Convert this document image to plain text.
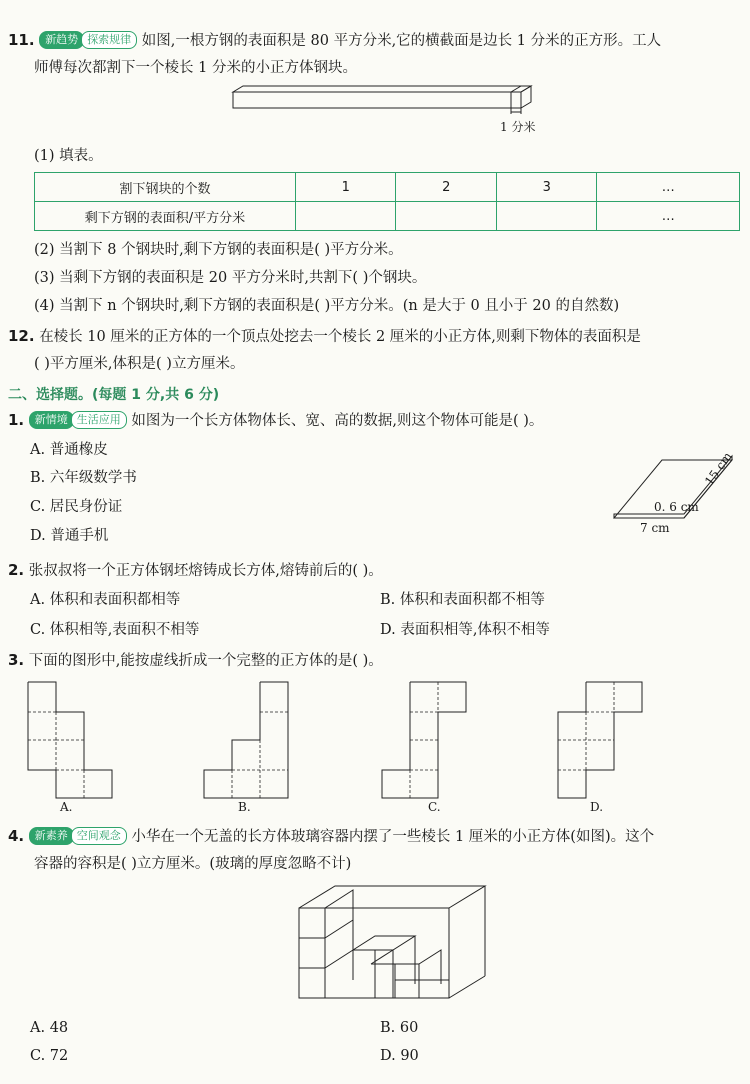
11. 新趋势 探索规律 如图,一根方钢的表面积是 80 平方分米,它的横截面是边长 1 分米的正方形。工人
师傅每次都割下一个棱长 1 分米的小正方体钢块。
1 分米
(1) 填表。
割下钢块的个数	1	2	3	…
剩下方钢的表面积/平方分米				…
(2) 当割下 8 个钢块时,剩下方钢的表面积是( )平方分米。
(3) 当剩下方钢的表面积是 20 平方分米时,共割下( )个钢块。
(4) 当割下 n 个钢块时,剩下方钢的表面积是( )平方分米。(n 是大于 0 且小于 20 的自然数)
12. 在棱长 10 厘米的正方体的一个顶点处挖去一个棱长 2 厘米的小正方体,则剩下物体的表面积是
( )平方厘米,体积是( )立方厘米。
二、选择题。(每题 1 分,共 6 分)
1. 新情境 生活应用 如图为一个长方体物体长、宽、高的数据,则这个物体可能是( )。
A. 普通橡皮
B. 六年级数学书
C. 居民身份证
D. 普通手机
0. 6 cm
7 cm
15 cm
2. 张叔叔将一个正方体钢坯熔铸成长方体,熔铸前后的( )。
A. 体积和表面积都相等	B. 体积和表面积都不相等
C. 体积相等,表面积不相等	D. 表面积相等,体积不相等
3. 下面的图形中,能按虚线折成一个完整的正方体的是( )。
A.	B.	C.	D.
4. 新素养 空间观念 小华在一个无盖的长方体玻璃容器内摆了一些棱长 1 厘米的小正方体(如图)。这个
容器的容积是( )立方厘米。(玻璃的厚度忽略不计)
A. 48	B. 60
C. 72	D. 90
